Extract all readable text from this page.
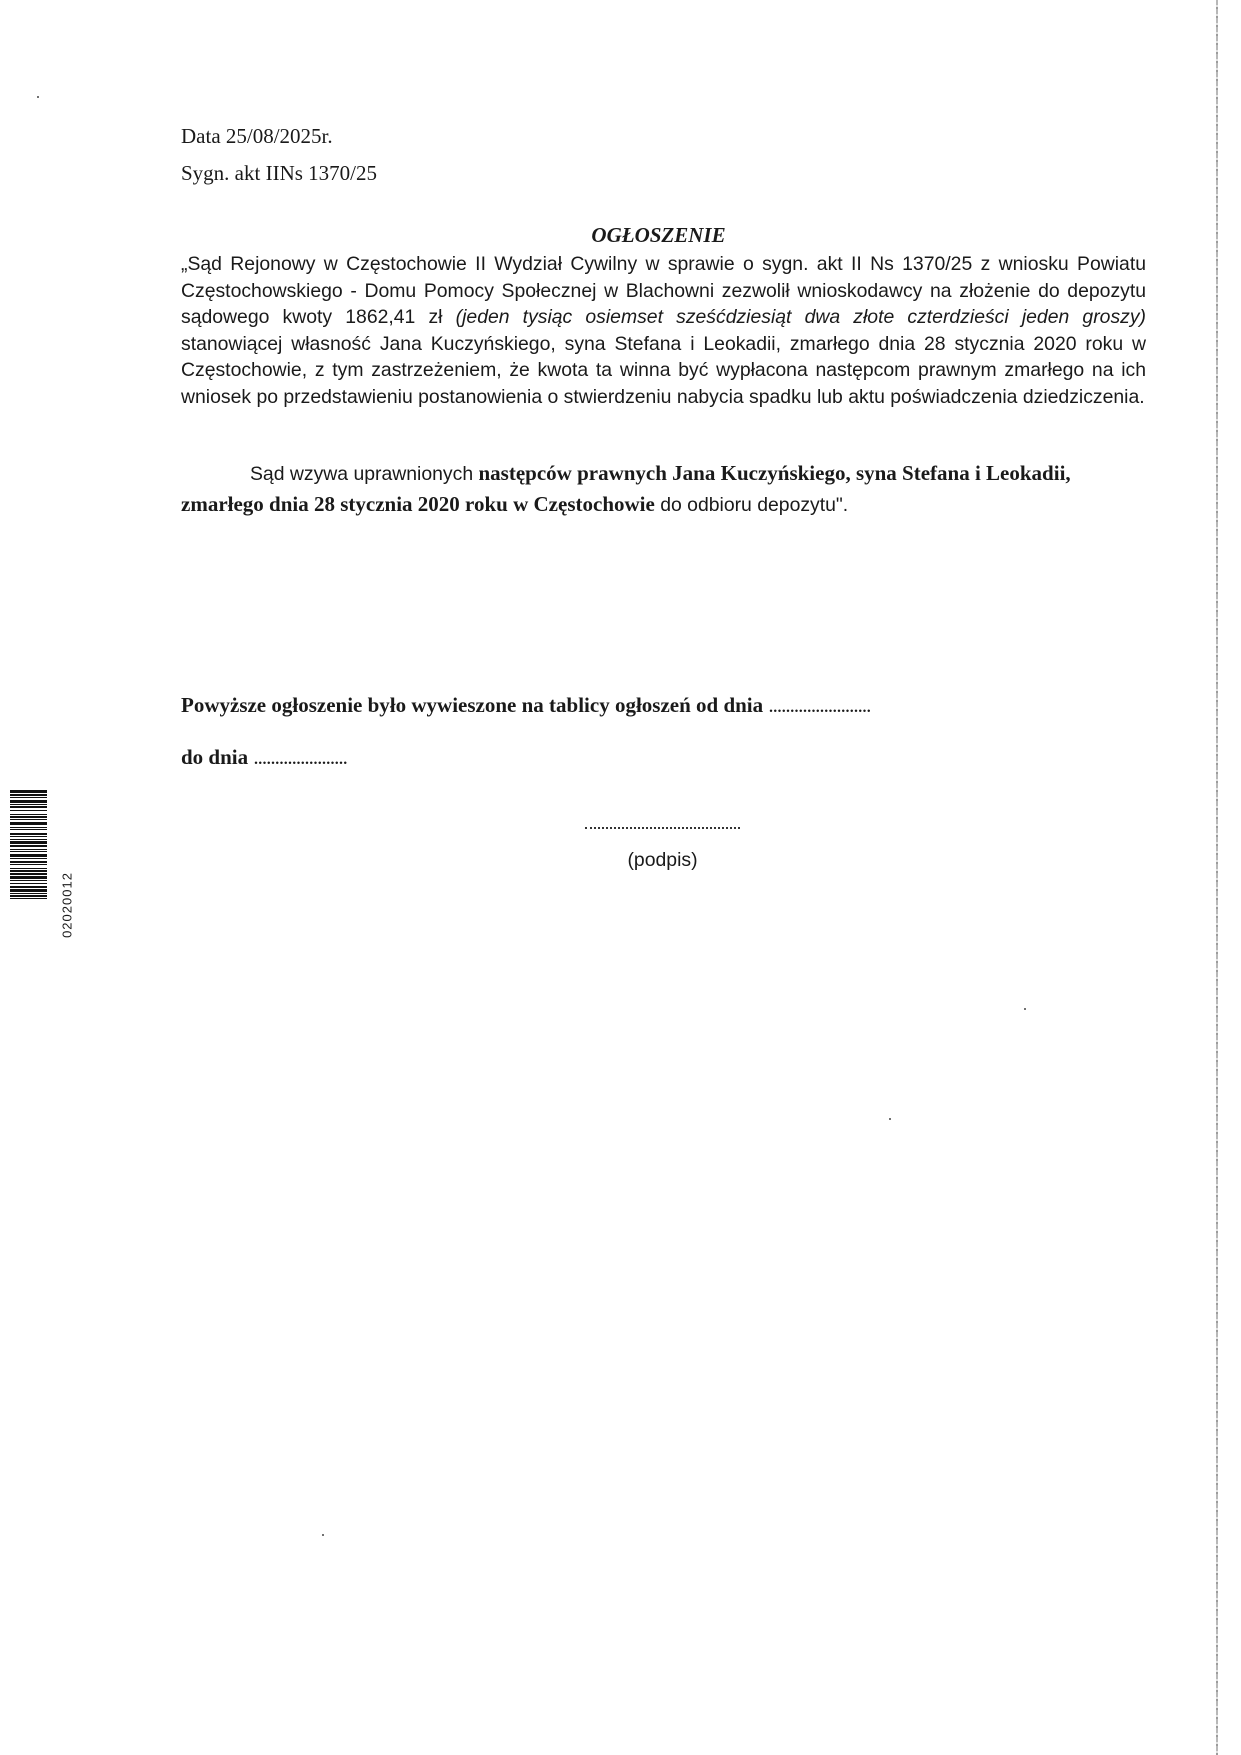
Data 25/08/2025r.
Sygn. akt IINs 1370/25
OGŁOSZENIE
„Sąd Rejonowy w Częstochowie II Wydział Cywilny w sprawie o sygn. akt II Ns 1370/25 z wniosku Powiatu Częstochowskiego - Domu Pomocy Społecznej w Blachowni zezwolił wnioskodawcy na złożenie do depozytu sądowego kwoty 1862,41 zł (jeden tysiąc osiemset sześćdziesiąt dwa złote czterdzieści jeden groszy) stanowiącej własność Jana Kuczyńskiego, syna Stefana i Leokadii, zmarłego dnia 28 stycznia 2020 roku w Częstochowie, z tym zastrzeżeniem, że kwota ta winna być wypłacona następcom prawnym zmarłego na ich wniosek po przedstawieniu postanowienia o stwierdzeniu nabycia spadku lub aktu poświadczenia dziedziczenia.
Sąd wzywa uprawnionych następców prawnych Jana Kuczyńskiego, syna Stefana i Leokadii, zmarłego dnia 28 stycznia 2020 roku w Częstochowie do odbioru depozytu".
Powyższe ogłoszenie było wywieszone na tablicy ogłoszeń od dnia ........................
do dnia ......................
(podpis)
02020012
